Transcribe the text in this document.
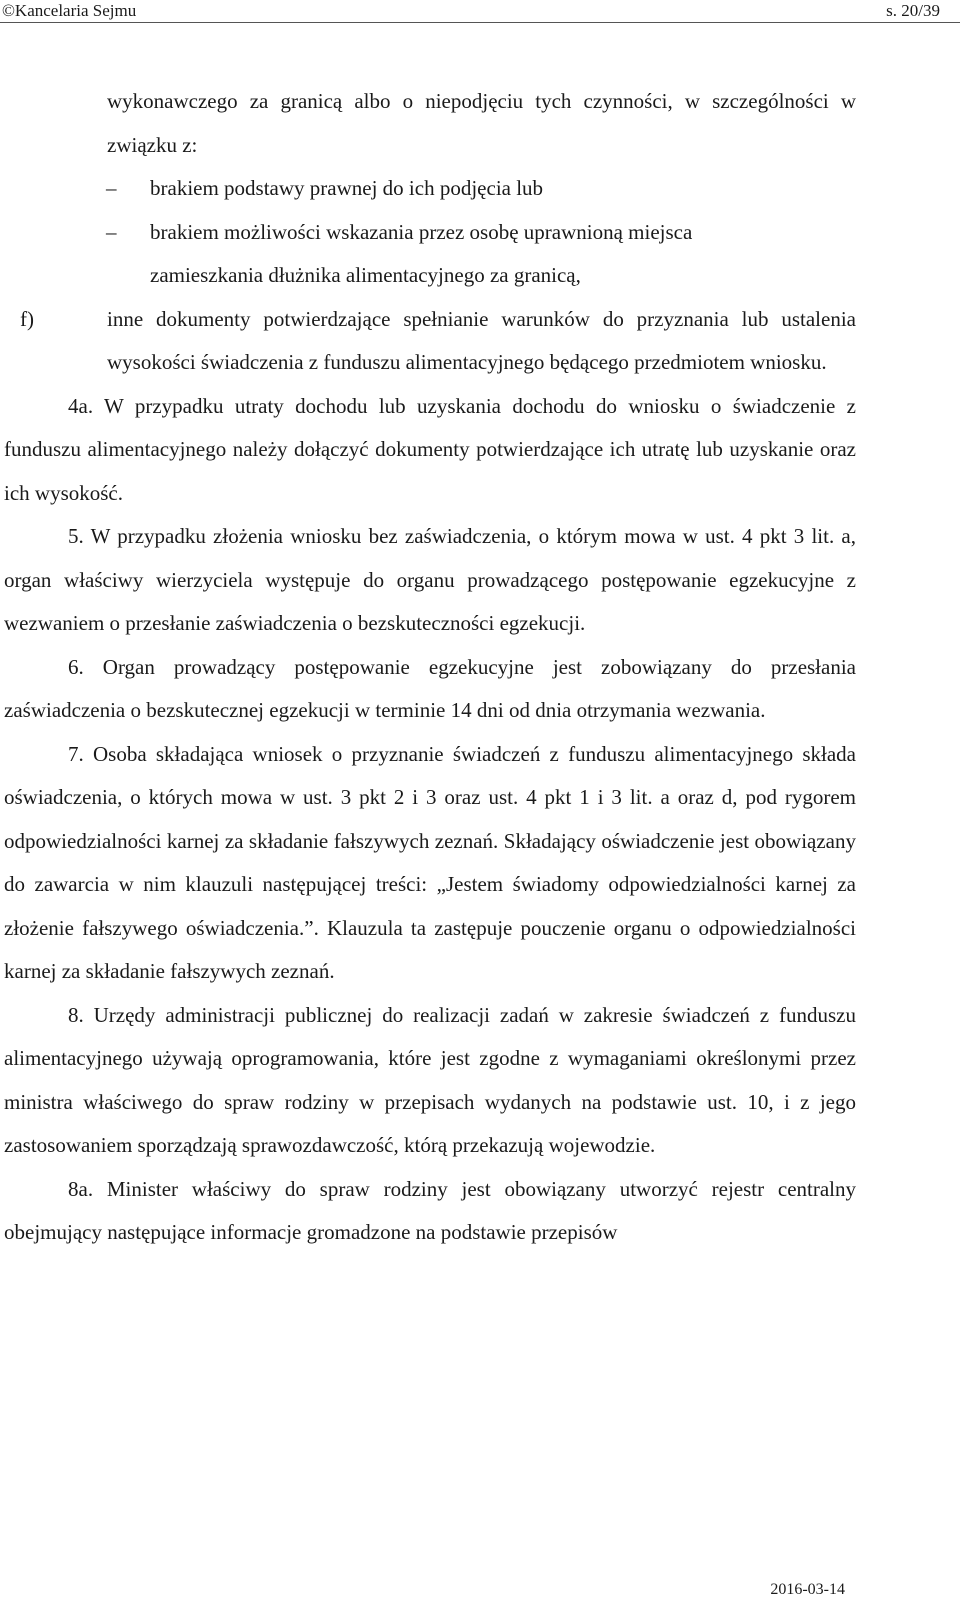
©Kancelaria Sejmu	s. 20/39

wykonawczego za granicą albo o niepodjęciu tych czynności, w szczególności w związku z:

– brakiem podstawy prawnej do ich podjęcia lub
– brakiem możliwości wskazania przez osobę uprawnioną miejsca

zamieszkania dłużnika alimentacyjnego za granicą,

f)	inne dokumenty potwierdzające spełnianie warunków do przyznania lub ustalenia wysokości świadczenia z funduszu alimentacyjnego będącego przedmiotem wniosku.

4a. W przypadku utraty dochodu lub uzyskania dochodu do wniosku o świadczenie z funduszu alimentacyjnego należy dołączyć dokumenty potwierdzające ich utratę lub uzyskanie oraz ich wysokość.

5. W przypadku złożenia wniosku bez zaświadczenia, o którym mowa w ust. 4 pkt 3 lit. a, organ właściwy wierzyciela występuje do organu prowadzącego postępowanie egzekucyjne z wezwaniem o przesłanie zaświadczenia o bezskuteczności egzekucji.

6. Organ prowadzący postępowanie egzekucyjne jest zobowiązany do przesłania zaświadczenia o bezskutecznej egzekucji w terminie 14 dni od dnia otrzymania wezwania.

7. Osoba składająca wniosek o przyznanie świadczeń z funduszu alimentacyjnego składa oświadczenia, o których mowa w ust. 3 pkt 2 i 3 oraz ust. 4 pkt 1 i 3 lit. a oraz d, pod rygorem odpowiedzialności karnej za składanie fałszywych zeznań. Składający oświadczenie jest obowiązany do zawarcia w nim klauzuli następującej treści: „Jestem świadomy odpowiedzialności karnej za złożenie fałszywego oświadczenia.”. Klauzula ta zastępuje pouczenie organu o odpowiedzialności karnej za składanie fałszywych zeznań.

8. Urzędy administracji publicznej do realizacji zadań w zakresie świadczeń z funduszu alimentacyjnego używają oprogramowania, które jest zgodne z wymaganiami określonymi przez ministra właściwego do spraw rodziny w przepisach wydanych na podstawie ust. 10, i z jego zastosowaniem sporządzają sprawozdawczość, którą przekazują wojewodzie.

8a. Minister właściwy do spraw rodziny jest obowiązany utworzyć rejestr centralny obejmujący następujące informacje gromadzone na podstawie przepisów

2016-03-14
